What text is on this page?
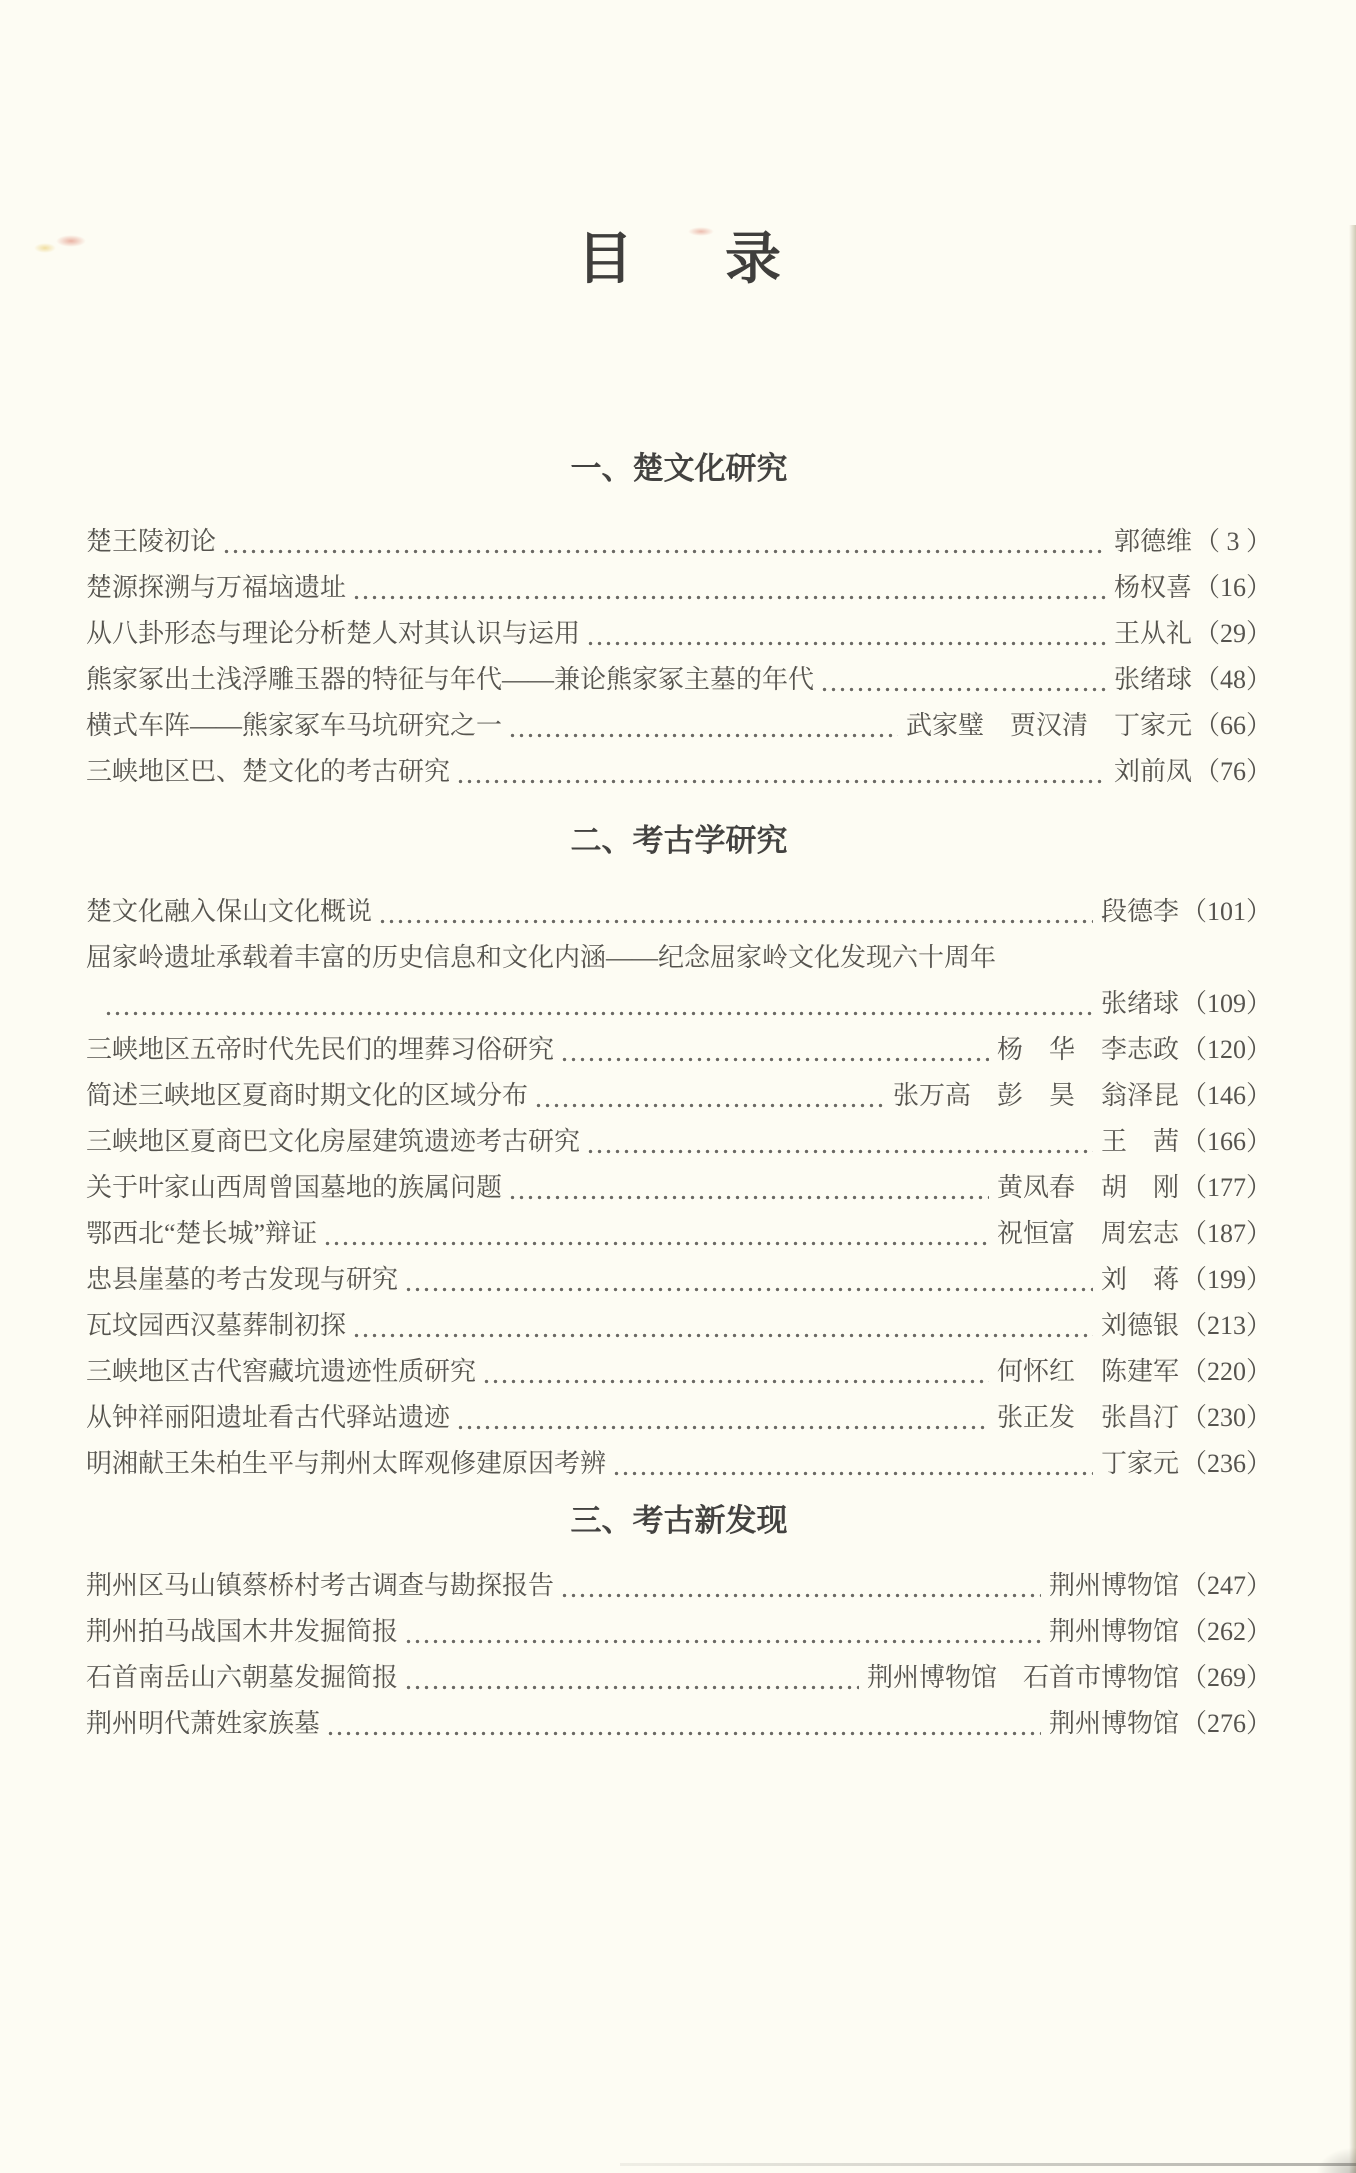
目 录
一、楚文化研究
楚王陵初论	郭德维 （ 3 ）
楚源探溯与万福垴遗址	杨权喜 （16）
从八卦形态与理论分析楚人对其认识与运用	王从礼 （29）
熊家冢出土浅浮雕玉器的特征与年代——兼论熊家冢主墓的年代	张绪球 （48）
横式车阵——熊家冢车马坑研究之一	武家璧　贾汉清　丁家元 （66）
三峡地区巴、楚文化的考古研究	刘前凤 （76）
二、考古学研究
楚文化融入保山文化概说	段德李 （101）
屈家岭遗址承载着丰富的历史信息和文化内涵——纪念屈家岭文化发现六十周年
张绪球 （109）
三峡地区五帝时代先民们的埋葬习俗研究	杨　华　李志政 （120）
简述三峡地区夏商时期文化的区域分布	张万高　彭　昊　翁泽昆 （146）
三峡地区夏商巴文化房屋建筑遗迹考古研究	王　茜 （166）
关于叶家山西周曾国墓地的族属问题	黄凤春　胡　刚 （177）
鄂西北“楚长城”辩证	祝恒富　周宏志 （187）
忠县崖墓的考古发现与研究	刘　蒋 （199）
瓦坟园西汉墓葬制初探	刘德银 （213）
三峡地区古代窖藏坑遗迹性质研究	何怀红　陈建军 （220）
从钟祥丽阳遗址看古代驿站遗迹	张正发　张昌汀 （230）
明湘献王朱柏生平与荆州太晖观修建原因考辨	丁家元 （236）
三、考古新发现
荆州区马山镇蔡桥村考古调查与勘探报告	荆州博物馆 （247）
荆州拍马战国木井发掘简报	荆州博物馆 （262）
石首南岳山六朝墓发掘简报	荆州博物馆　石首市博物馆 （269）
荆州明代萧姓家族墓	荆州博物馆 （276）
